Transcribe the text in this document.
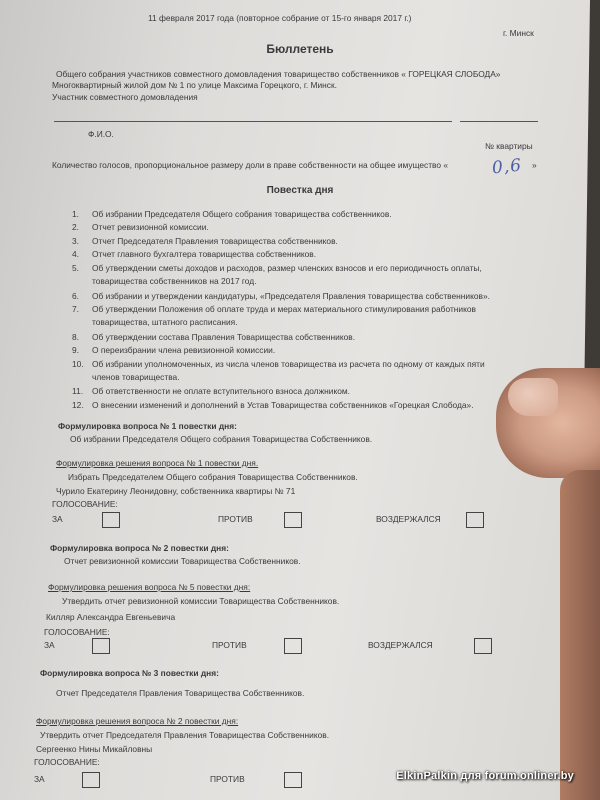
11 февраля 2017 года (повторное собрание от 15-го января 2017 г.)
г. Минск
Бюллетень
Общего собрания участников совместного домовладения товарищество собственников « ГОРЕЦКАЯ СЛОБОДА»
Многоквартирный жилой дом № 1 по улице Максима Горецкого, г. Минск.
Участник совместного домовладения
Ф.И.О.
№ квартиры
Количество голосов, пропорциональное размеру доли в праве собственности на общее имущество «	0,6 »
Повестка дня
1. Об избрании Председателя Общего собрания товарищества собственников.
2. Отчет ревизионной комиссии.
3. Отчет Председателя Правления товарищества собственников.
4. Отчет главного бухгалтера товарищества собственников.
5. Об утверждении сметы доходов и расходов, размер членских взносов и его периодичность оплаты,
товарищества собственников на 2017 год.
6. Об избрании и утверждении кандидатуры, «Председателя Правления товарищества собственников».
7. Об утверждении Положения об оплате труда и мерах материального стимулирования работников
товарищества, штатного расписания.
8. Об утверждении состава Правления Товарищества собственников.
9. О переизбрании члена ревизионной комиссии.
10. Об избрании уполномоченных, из числа членов товарищества из расчета по одному от каждых пяти
членов товарищества.
11. Об ответственности не оплате вступительного взноса должником.
12. О внесении изменений и дополнений в Устав Товарищества собственников «Горецкая Слобода».
Формулировка вопроса № 1 повестки дня:
Об избрании Председателя Общего собрания Товарищества Собственников.
Формулировка решения вопроса № 1 повестки дня.
Избрать Председателем Общего собрания Товарищества Собственников.
Чурило Екатерину Леонидовну, собственника квартиры № 71
ГОЛОСОВАНИЕ:
ЗА	ПРОТИВ	ВОЗДЕРЖАЛСЯ
Формулировка вопроса № 2 повестки дня:
Отчет ревизионной комиссии Товарищества Собственников.
Формулировка решения вопроса № 5 повестки дня:
Утвердить отчет ревизионной комиссии Товарищества Собственников.
Килляр Александра Евгеньевича
ГОЛОСОВАНИЕ:
ЗА	ПРОТИВ	ВОЗДЕРЖАЛСЯ
Формулировка вопроса № 3 повестки дня:
Отчет Председателя Правления Товарищества Собственников.
Формулировка решения вопроса № 2 повестки дня:
Утвердить отчет Председателя Правления Товарищества Собственников.
Сергеенко Нины Микайловны
ГОЛОСОВАНИЕ:
ЗА	ПРОТИВ	ElkinPalkin для forum.onliner.by
